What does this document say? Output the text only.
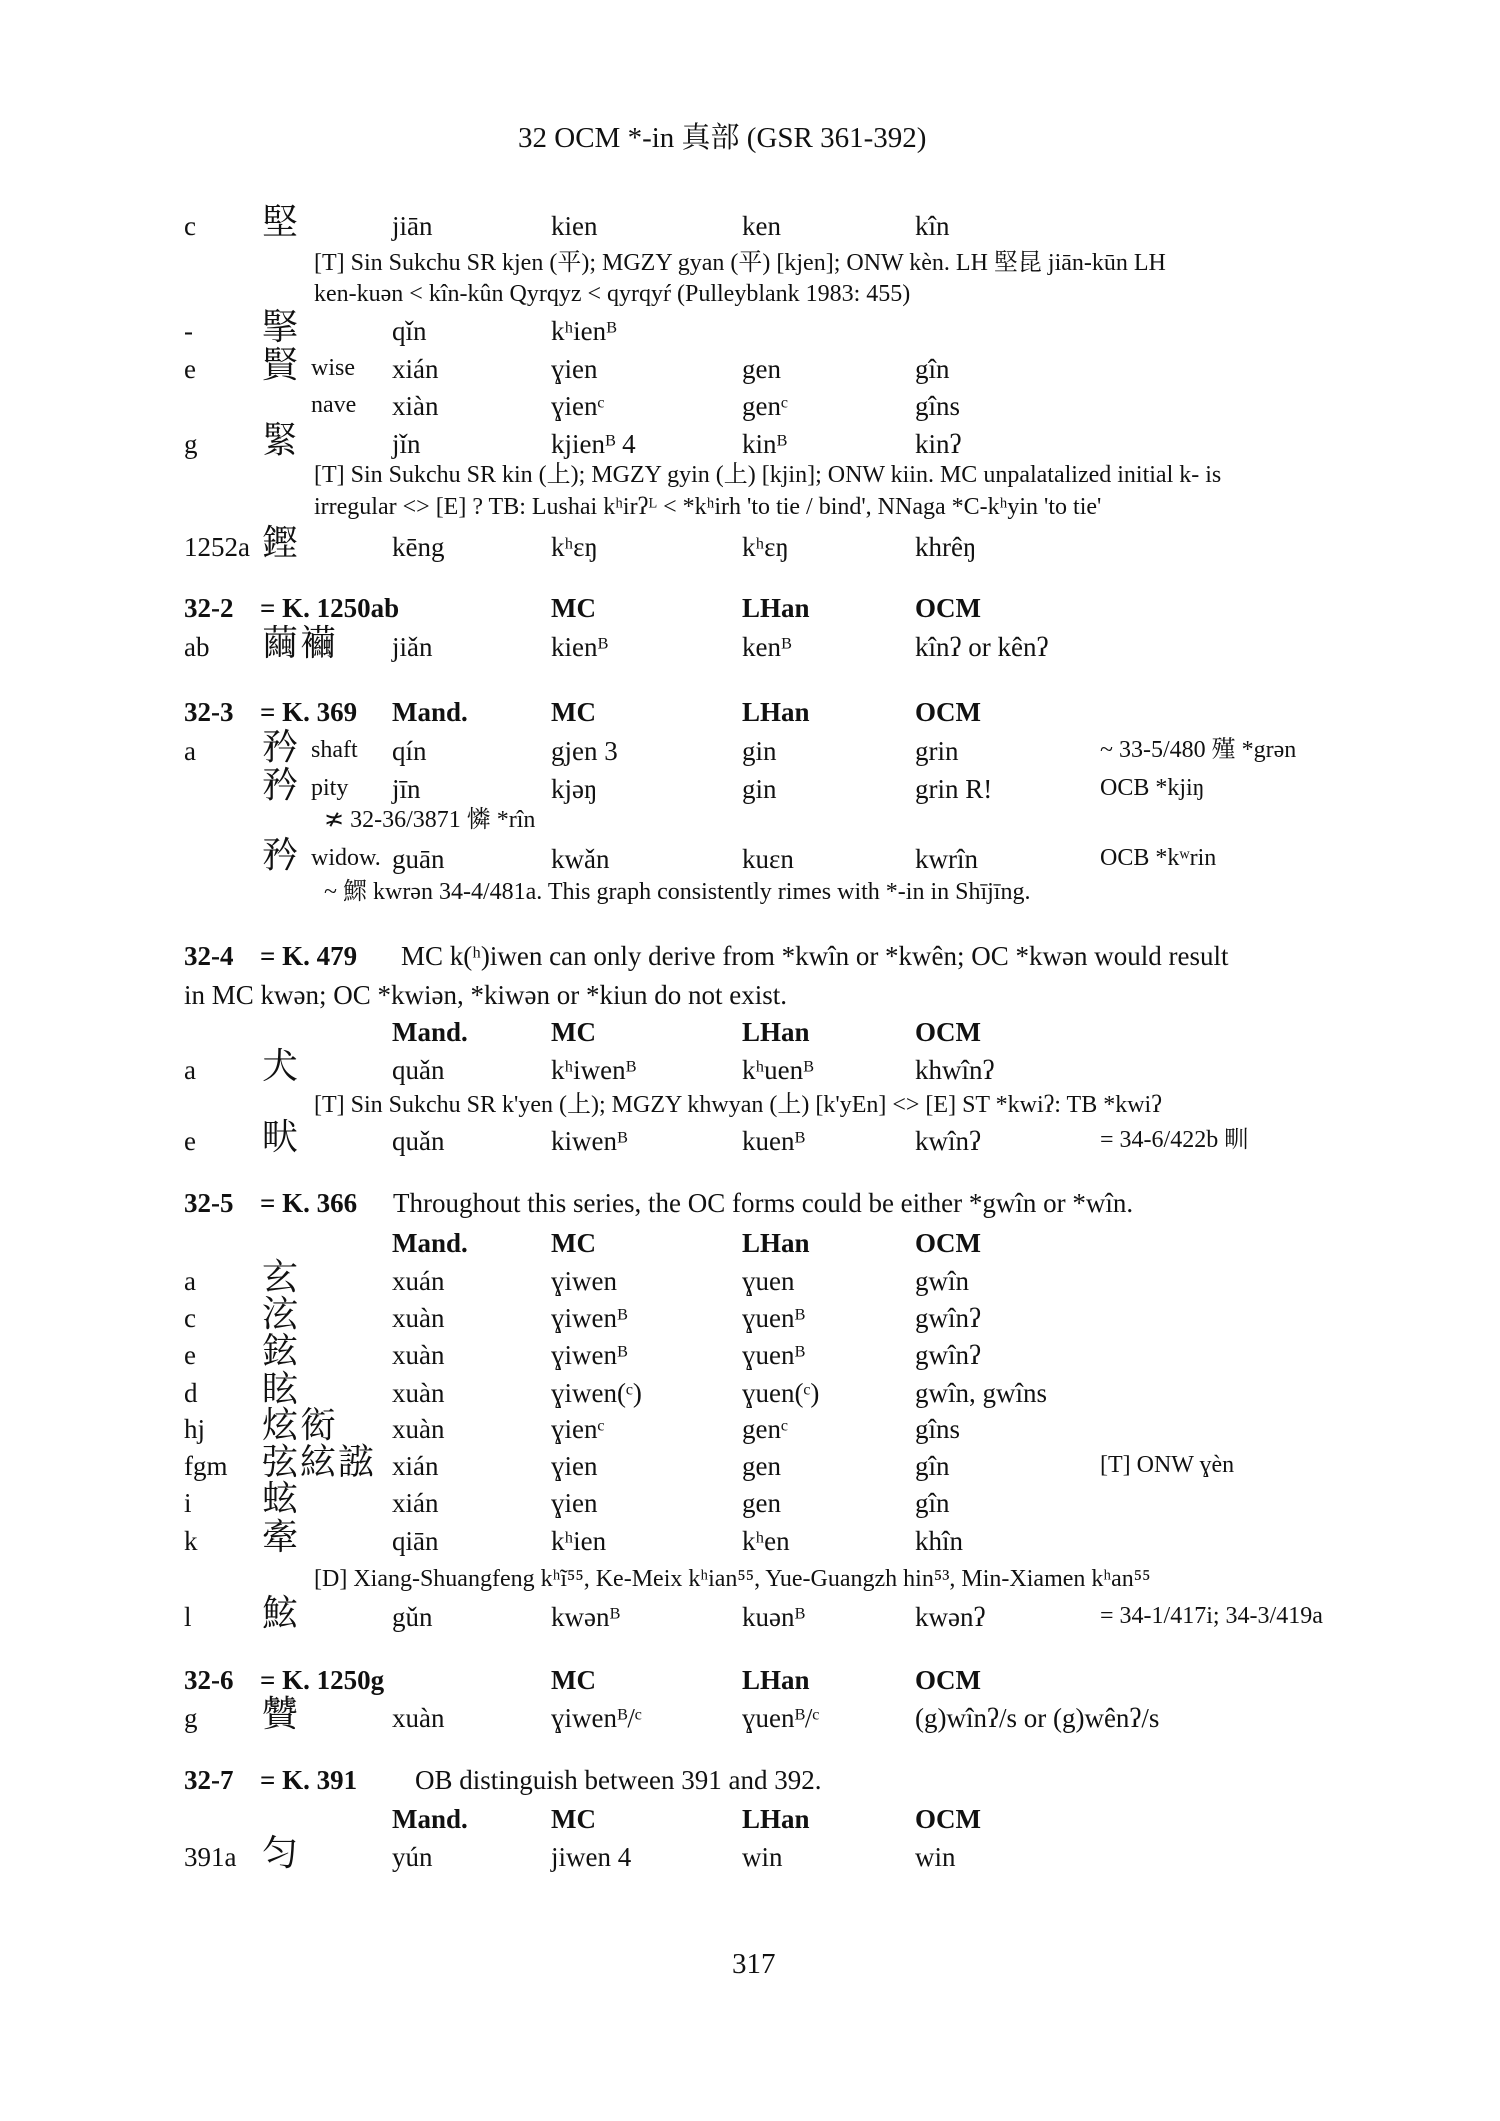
32 OCM *-in 真部 (GSR 361-392)
c 堅	jiān	kien	ken	kîn
[T] Sin Sukchu SR kjen (平); MGZY gyan (平) [kjen]; ONW kèn. LH 堅昆 jiān-kūn LH
ken-kuən < kîn-kûn Qyrqyz < qyrqyŕ (Pulleyblank 1983: 455)
- 掔	qǐn	kʰienᴮ
e 賢 wise xián	ɣien	gen	gîn
nave xiàn	ɣienᶜ	genᶜ	gîns
g 緊	jǐn	kjienᴮ 4	kinᴮ	kinʔ
[T] Sin Sukchu SR kin (上); MGZY gyin (上) [kjin]; ONW kiin. MC unpalatalized initial k- is
irregular <> [E] ? TB: Lushai kʰirʔᴸ < *kʰirh 'to tie / bind', NNaga *C-kʰyin 'to tie'
1252a 鏗	kēng	kʰɛŋ	kʰɛŋ	khrêŋ
32-2 = K. 1250ab	MC	LHan	OCM
ab 繭襺 jiǎn	kienᴮ	kenᴮ	kînʔ or kênʔ
32-3 = K. 369 Mand.	MC	LHan	OCM
a 矜 shaft qín	gjen 3	gin	grin	~ 33-5/480 殣 *grən
矜 pity jīn	kjəŋ	gin	grin R!	OCB *kjiŋ
≭ 32-36/3871 憐 *rîn
矜 widow. guān	kwǎn	kuɛn	kwrîn	OCB *kʷrin
~ 鰥 kwrən 34-4/481a. This graph consistently rimes with *-in in Shījīng.
32-4 = K. 479 MC k(ʰ)iwen can only derive from *kwîn or *kwên; OC *kwən would result
in MC kwən; OC *kwiən, *kiwən or *kiun do not exist.
Mand.	MC	LHan	OCM
a 犬	quǎn	kʰiwenᴮ	kʰuenᴮ	khwînʔ
[T] Sin Sukchu SR k'yen (上); MGZY khwyan (上) [k'yEn] <> [E] ST *kwiʔ: TB *kwiʔ
e 畎	quǎn	kiwenᴮ	kuenᴮ	kwînʔ	= 34-6/422b 甽
32-5 = K. 366 Throughout this series, the OC forms could be either *gwîn or *wîn.
Mand.	MC	LHan	OCM
a 玄	xuán	ɣiwen	ɣuen	gwîn
c 泫	xuàn	ɣiwenᴮ	ɣuenᴮ	gwînʔ
e 鉉	xuàn	ɣiwenᴮ	ɣuenᴮ	gwînʔ
d 眩	xuàn	ɣiwen(ᶜ)	ɣuen(ᶜ)	gwîn, gwîns
hj 炫衒 xuàn	ɣienᶜ	genᶜ	gîns
fgm 弦絃誸 xián	ɣien	gen	gîn	[T] ONW ɣèn
i 蚿	xián	ɣien	gen	gîn
k 牽	qiān	kʰien	kʰen	khîn
[D] Xiang-Shuangfeng kʰĩ⁵⁵, Ke-Meix kʰian⁵⁵, Yue-Guangzh hin⁵³, Min-Xiamen kʰan⁵⁵
l 鮌	gǔn	kwənᴮ	kuənᴮ	kwənʔ	= 34-1/417i; 34-3/419a
32-6 = K. 1250g	MC	LHan	OCM
g 贙	xuàn	ɣiwenᴮ/ᶜ	ɣuenᴮ/ᶜ	(g)wînʔ/s or (g)wênʔ/s
32-7 = K. 391 OB distinguish between 391 and 392.
Mand.	MC	LHan	OCM
391a 匀	yún	jiwen 4	win	win
317
